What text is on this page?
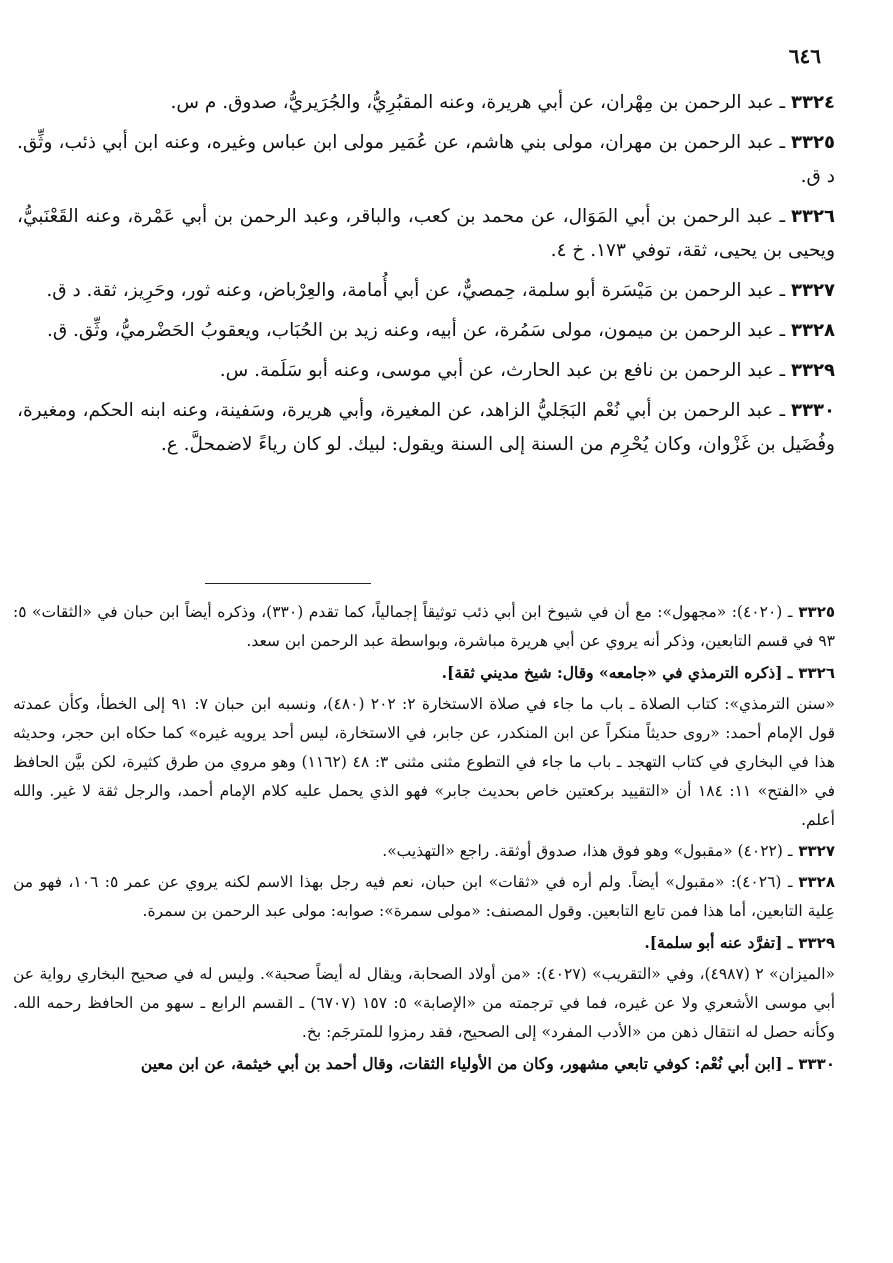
٦٤٦

٣٣٢٤ـ عبد الرحمن بن مِهْران، عن أبي هريرة، وعنه المقبُرِيُّ، والجُرَيريُّ، صدوق. م س.

٣٣٢٥ـ عبد الرحمن بن مهران، مولى بني هاشم، عن عُمَير مولى ابن عباس وغيره، وعنه ابن أبي ذئب، وثِّق. د ق.

٣٣٢٦ـ عبد الرحمن بن أبي المَوَال، عن محمد بن كعب، والباقر، وعبد الرحمن بن أبي عَمْرة، وعنه القَعْنَبيُّ، ويحيى بن يحيى، ثقة، توفي ١٧٣. خ ٤.

٣٣٢٧ـ عبد الرحمن بن مَيْسَرة أبو سلمة، حِمصيٌّ، عن أبي أُمامة، والعِرْباض، وعنه ثور، وحَرِيز، ثقة. د ق.

٣٣٢٨ـ عبد الرحمن بن ميمون، مولى سَمُرة، عن أبيه، وعنه زيد بن الحُبَاب، ويعقوبُ الحَضْرميُّ، وثِّق. ق.

٣٣٢٩ـ عبد الرحمن بن نافع بن عبد الحارث، عن أبي موسى، وعنه أبو سَلَمة. س.

٣٣٣٠ـ عبد الرحمن بن أبي نُعْم البَجَليُّ الزاهد، عن المغيرة، وأبي هريرة، وسَفينة، وعنه ابنه الحكم، ومغيرة، وفُضَيل بن غَزْوان، وكان يُحْرِم من السنة إلى السنة ويقول: لبيك. لو كان رياءً لاضمحلَّ. ع.

٣٣٢٥ـ (٤٠٢٠): «مجهول»: مع أن في شيوخ ابن أبي ذئب توثيقاً إجمالياً، كما تقدم (٣٣٠)، وذكره أيضاً ابن حبان في «الثقات» ٥: ٩٣ في قسم التابعين، وذكر أنه يروي عن أبي هريرة مباشرة، وبواسطة عبد الرحمن ابن سعد.

٣٣٢٦ـ [ذكره الترمذي في «جامعه» وقال: شيخ مديني ثقة].

«سنن الترمذي»: كتاب الصلاة ـ باب ما جاء في صلاة الاستخارة ٢: ٢٠٢ (٤٨٠)، ونسبه ابن حبان ٧: ٩١ إلى الخطأ، وكأن عمدته قول الإمام أحمد: «روى حديثاً منكراً عن ابن المنكدر، عن جابر، في الاستخارة، ليس أحد يرويه غيره» كما حكاه ابن حجر، وحديثه هذا في البخاري في كتاب التهجد ـ باب ما جاء في التطوع مثنى مثنى ٣: ٤٨ (١١٦٢) وهو مروي من طرق كثيرة، لكن بيَّن الحافظ في «الفتح» ١١: ١٨٤ أن «التقييد بركعتين خاص بحديث جابر» فهو الذي يحمل عليه كلام الإمام أحمد، والرجل ثقة لا غير. والله أعلم.

٣٣٢٧ـ (٤٠٢٢) «مقبول» وهو فوق هذا، صدوق أوثقة. راجع «التهذيب».

٣٣٢٨ـ (٤٠٢٦): «مقبول» أيضاً. ولم أره في «ثقات» ابن حبان، نعم فيه رجل بهذا الاسم لكنه يروي عن عمر ٥: ١٠٦، فهو من عِلية التابعين، أما هذا فمن تابع التابعين. وقول المصنف: «مولى سمرة»: صوابه: مولى عبد الرحمن بن سمرة.

٣٣٢٩ـ [تفرَّد عنه أبو سلمة].

«الميزان» ٢ (٤٩٨٧)، وفي «التقريب» (٤٠٢٧): «من أولاد الصحابة، ويقال له أيضاً صحبة». وليس له في صحيح البخاري رواية عن أبي موسى الأشعري ولا عن غيره، فما في ترجمته من «الإصابة» ٥: ١٥٧ (٦٧٠٧) ـ القسم الرابع ـ سهو من الحافظ رحمه الله. وكأنه حصل له انتقال ذهن من «الأدب المفرد» إلى الصحيح، فقد رمزوا للمترجَم: بخ.

٣٣٣٠ـ [ابن أبي نُعْم: كوفي تابعي مشهور، وكان من الأولياء الثقات، وقال أحمد بن أبي خيثمة، عن ابن معين
